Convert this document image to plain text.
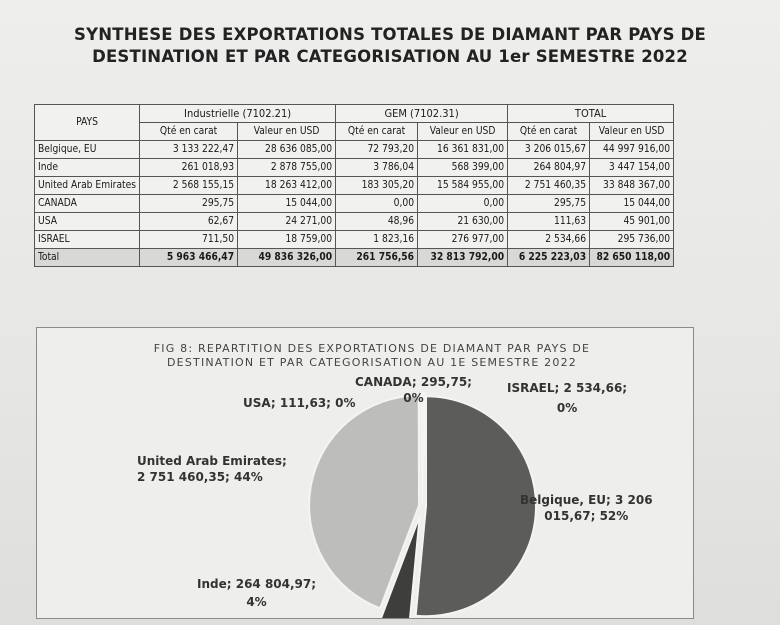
SYNTHESE DES EXPORTATIONS TOTALES DE DIAMANT PAR PAYS DE
DESTINATION ET PAR CATEGORISATION AU 1er SEMESTRE 2022
PAYS	Industrielle (7102.21)		GEM (7102.31)		TOTAL	
	Qté en carat	Valeur en USD	Qté en carat	Valeur en USD	Qté en carat	Valeur en USD
Belgique, EU	3 133 222,47	28 636 085,00	72 793,20	16 361 831,00	3 206 015,67	44 997 916,00
Inde	261 018,93	2 878 755,00	3 786,04	568 399,00	264 804,97	3 447 154,00
United Arab Emirates	2 568 155,15	18 263 412,00	183 305,20	15 584 955,00	2 751 460,35	33 848 367,00
CANADA	295,75	15 044,00	0,00	0,00	295,75	15 044,00
USA	62,67	24 271,00	48,96	21 630,00	111,63	45 901,00
ISRAEL	711,50	18 759,00	1 823,16	276 977,00	2 534,66	295 736,00
Total	5 963 466,47	49 836 326,00	261 756,56	32 813 792,00	6 225 223,03	82 650 118,00
FIG 8: REPARTITION DES EXPORTATIONS DE DIAMANT PAR PAYS DE
DESTINATION ET PAR CATEGORISATION AU 1E SEMESTRE 2022
CANADA; 295,75;
0%
ISRAEL; 2 534,66;
0%
USA; 111,63; 0%
United Arab Emirates;
2 751 460,35; 44%
Belgique, EU; 3 206
015,67; 52%
Inde; 264 804,97;
4%
